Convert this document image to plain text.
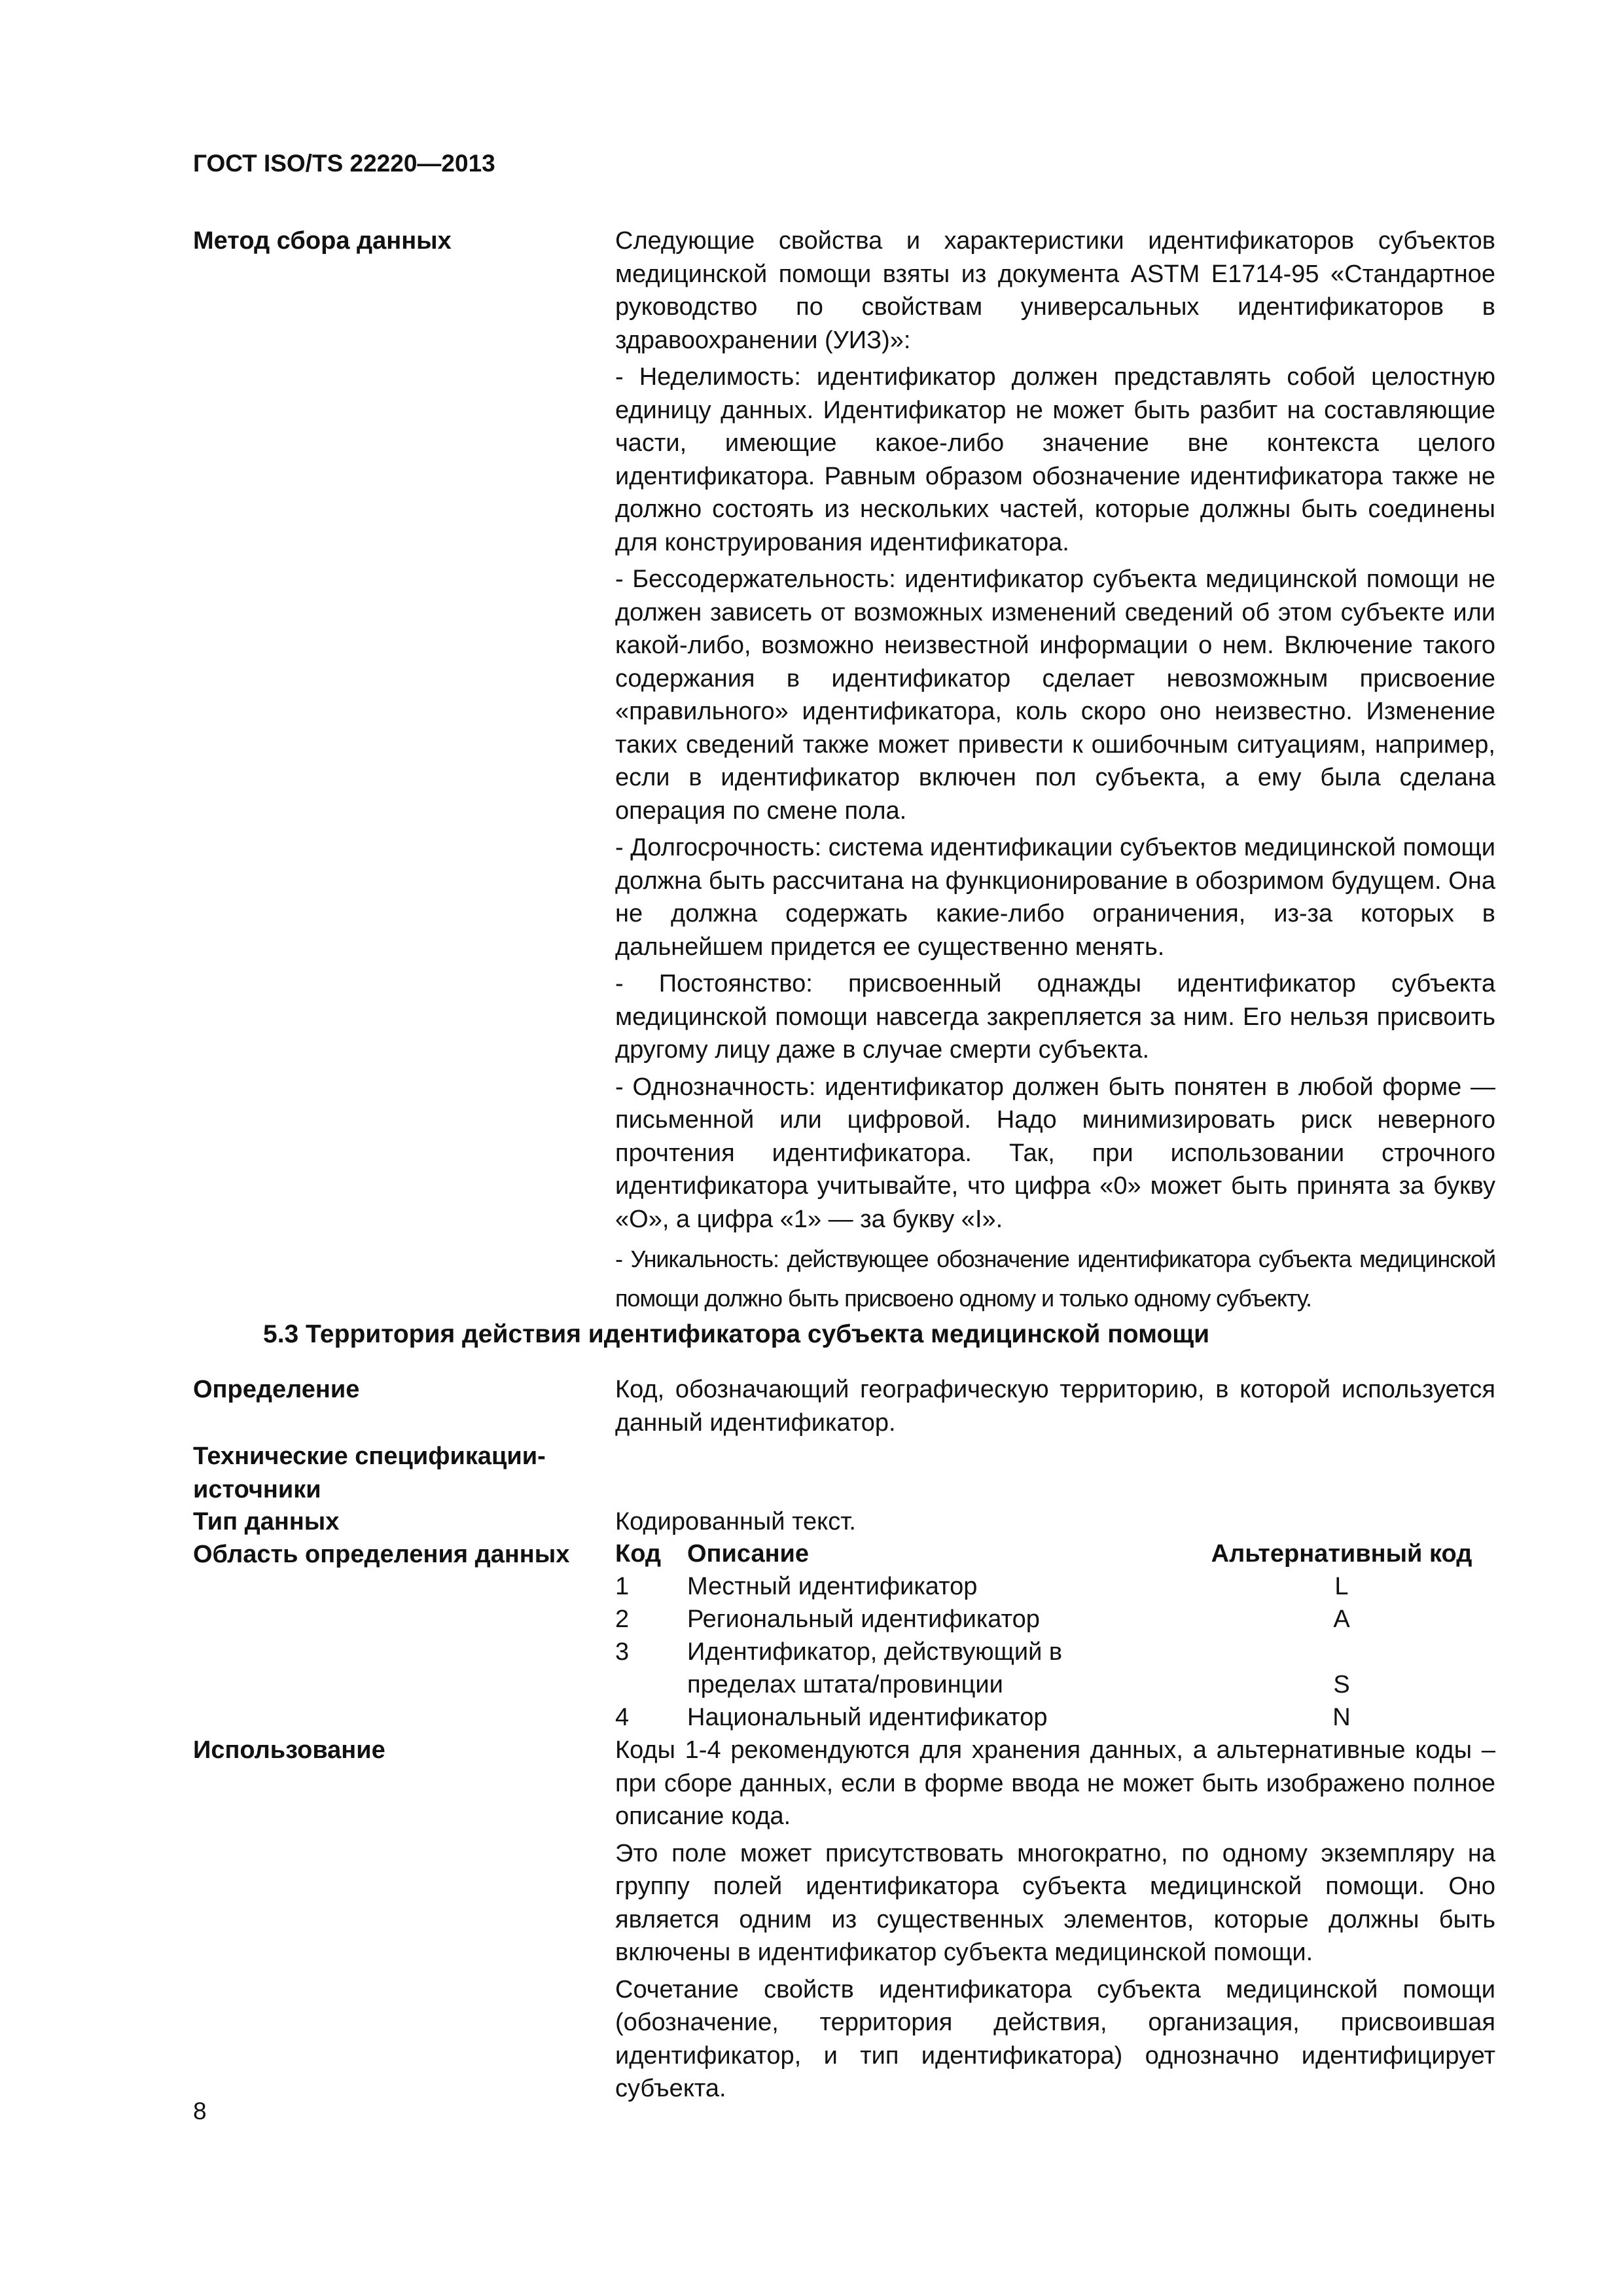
ГОСТ ISO/TS 22220—2013
Метод сбора данных	Следующие свойства и характеристики идентификаторов субъектов медицинской помощи взяты из документа ASTM E1714-95 «Стандартное руководство по свойствам универсальных идентификаторов в здравоохранении (УИЗ)»:

- Неделимость: идентификатор должен представлять собой целостную единицу данных. Идентификатор не может быть разбит на составляющие части, имеющие какое-либо значение вне контекста целого идентификатора. Равным образом обозначение идентификатора также не должно состоять из нескольких частей, которые должны быть соединены для конструирования идентификатора.

- Бессодержательность: идентификатор субъекта медицинской помощи не должен зависеть от возможных изменений сведений об этом субъекте или какой-либо, возможно неизвестной информации о нем. Включение такого содержания в идентификатор сделает невозможным присвоение «правильного» идентификатора, коль скоро оно неизвестно. Изменение таких сведений также может привести к ошибочным ситуациям, например, если в идентификатор включен пол субъекта, а ему была сделана операция по смене пола.

- Долгосрочность: система идентификации субъектов медицинской помощи должна быть рассчитана на функционирование в обозримом будущем. Она не должна содержать какие-либо ограничения, из-за которых в дальнейшем придется ее существенно менять.

- Постоянство: присвоенный однажды идентификатор субъекта медицинской помощи навсегда закрепляется за ним. Его нельзя присвоить другому лицу даже в случае смерти субъекта.

- Однозначность: идентификатор должен быть понятен в любой форме — письменной или цифровой. Надо минимизировать риск неверного прочтения идентификатора. Так, при использовании строчного идентификатора учитывайте, что цифра «0» может быть принята за букву «О», а цифра «1» — за букву «I».

- Уникальность: действующее обозначение идентификатора субъекта медицинской помощи должно быть присвоено одному и только одному субъекту.

5.3 Территория действия идентификатора субъекта медицинской помощи
Определение	Код, обозначающий географическую территорию, в которой используется данный идентификатор.

Технические спецификации-источники
Тип данных	Кодированный текст.

Область определения данных	Код	Описание	Альтернативный код
1	Местный идентификатор	L
2	Региональный идентификатор	A
3	Идентификатор, действующий в пределах штата/провинции	S
4	Национальный идентификатор	N
Использование	Коды 1-4 рекомендуются для хранения данных, а альтернативные коды – при сборе данных, если в форме ввода не может быть изображено полное описание кода.

Это поле может присутствовать многократно, по одному экземпляру на группу полей идентификатора субъекта медицинской помощи. Оно является одним из существенных элементов, которые должны быть включены в идентификатор субъекта медицинской помощи.

Сочетание свойств идентификатора субъекта медицинской помощи (обозначение, территория действия, организация, присвоившая идентификатор, и тип идентификатора) однозначно идентифицирует субъекта.

8
